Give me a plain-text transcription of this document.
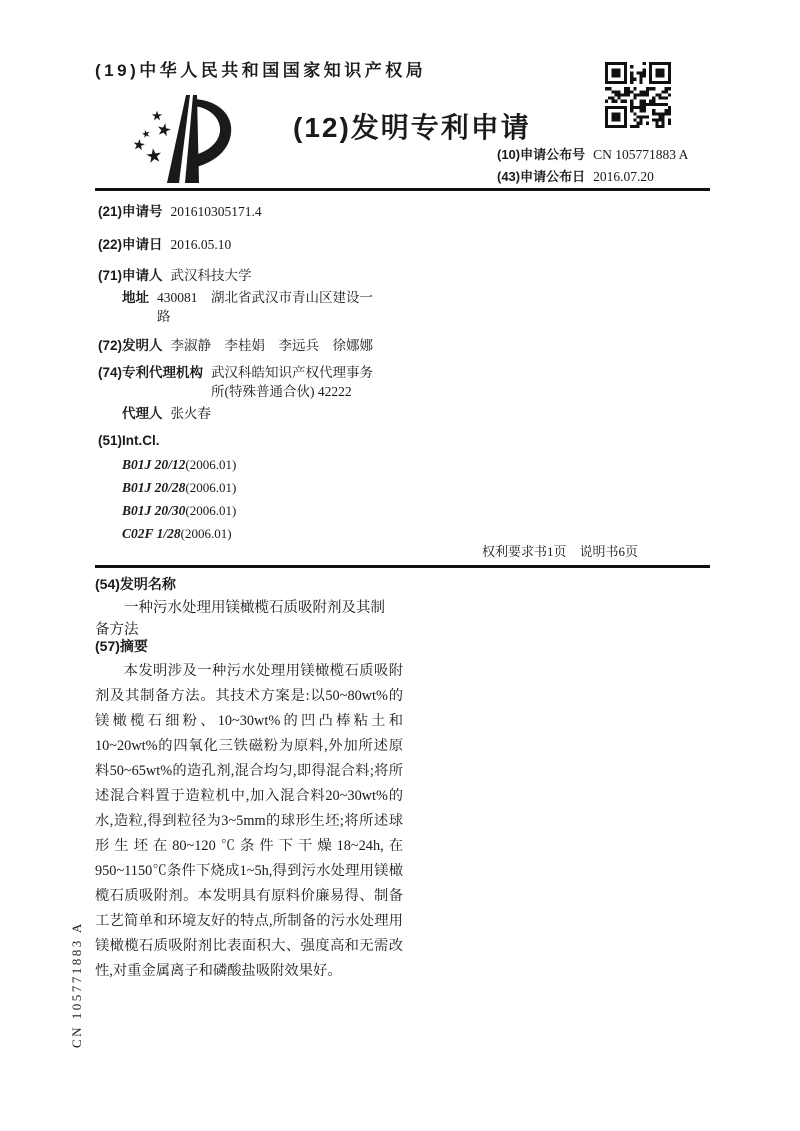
(19)中华人民共和国国家知识产权局
(12)发明专利申请
(10)申请公布号 CN 105771883 A
(43)申请公布日 2016.07.20
(21)申请号 201610305171.4
(22)申请日 2016.05.10
(71)申请人 武汉科技大学
地址 430081　湖北省武汉市青山区建设一路
(72)发明人 李淑静　李桂娟　李远兵　徐娜娜
(74)专利代理机构 武汉科皓知识产权代理事务所(特殊普通合伙) 42222
代理人 张火春
(51)Int.Cl.
B01J 20/12 (2006.01)
B01J 20/28 (2006.01)
B01J 20/30 (2006.01)
C02F 1/28 (2006.01)
权利要求书1页　说明书6页
(54)发明名称
一种污水处理用镁橄榄石质吸附剂及其制备方法
(57)摘要
本发明涉及一种污水处理用镁橄榄石质吸附剂及其制备方法。其技术方案是:以50~80wt%的镁橄榄石细粉、10~30wt%的凹凸棒粘土和10~20wt%的四氧化三铁磁粉为原料,外加所述原料50~65wt%的造孔剂,混合均匀,即得混合料;将所述混合料置于造粒机中,加入混合料20~30wt%的水,造粒,得到粒径为3~5mm的球形生坯;将所述球形生坯在80~120℃条件下干燥18~24h,在950~1150℃条件下烧成1~5h,得到污水处理用镁橄榄石质吸附剂。本发明具有原料价廉易得、制备工艺简单和环境友好的特点,所制备的污水处理用镁橄榄石质吸附剂比表面积大、强度高和无需改性,对重金属离子和磷酸盐吸附效果好。
CN 105771883 A
